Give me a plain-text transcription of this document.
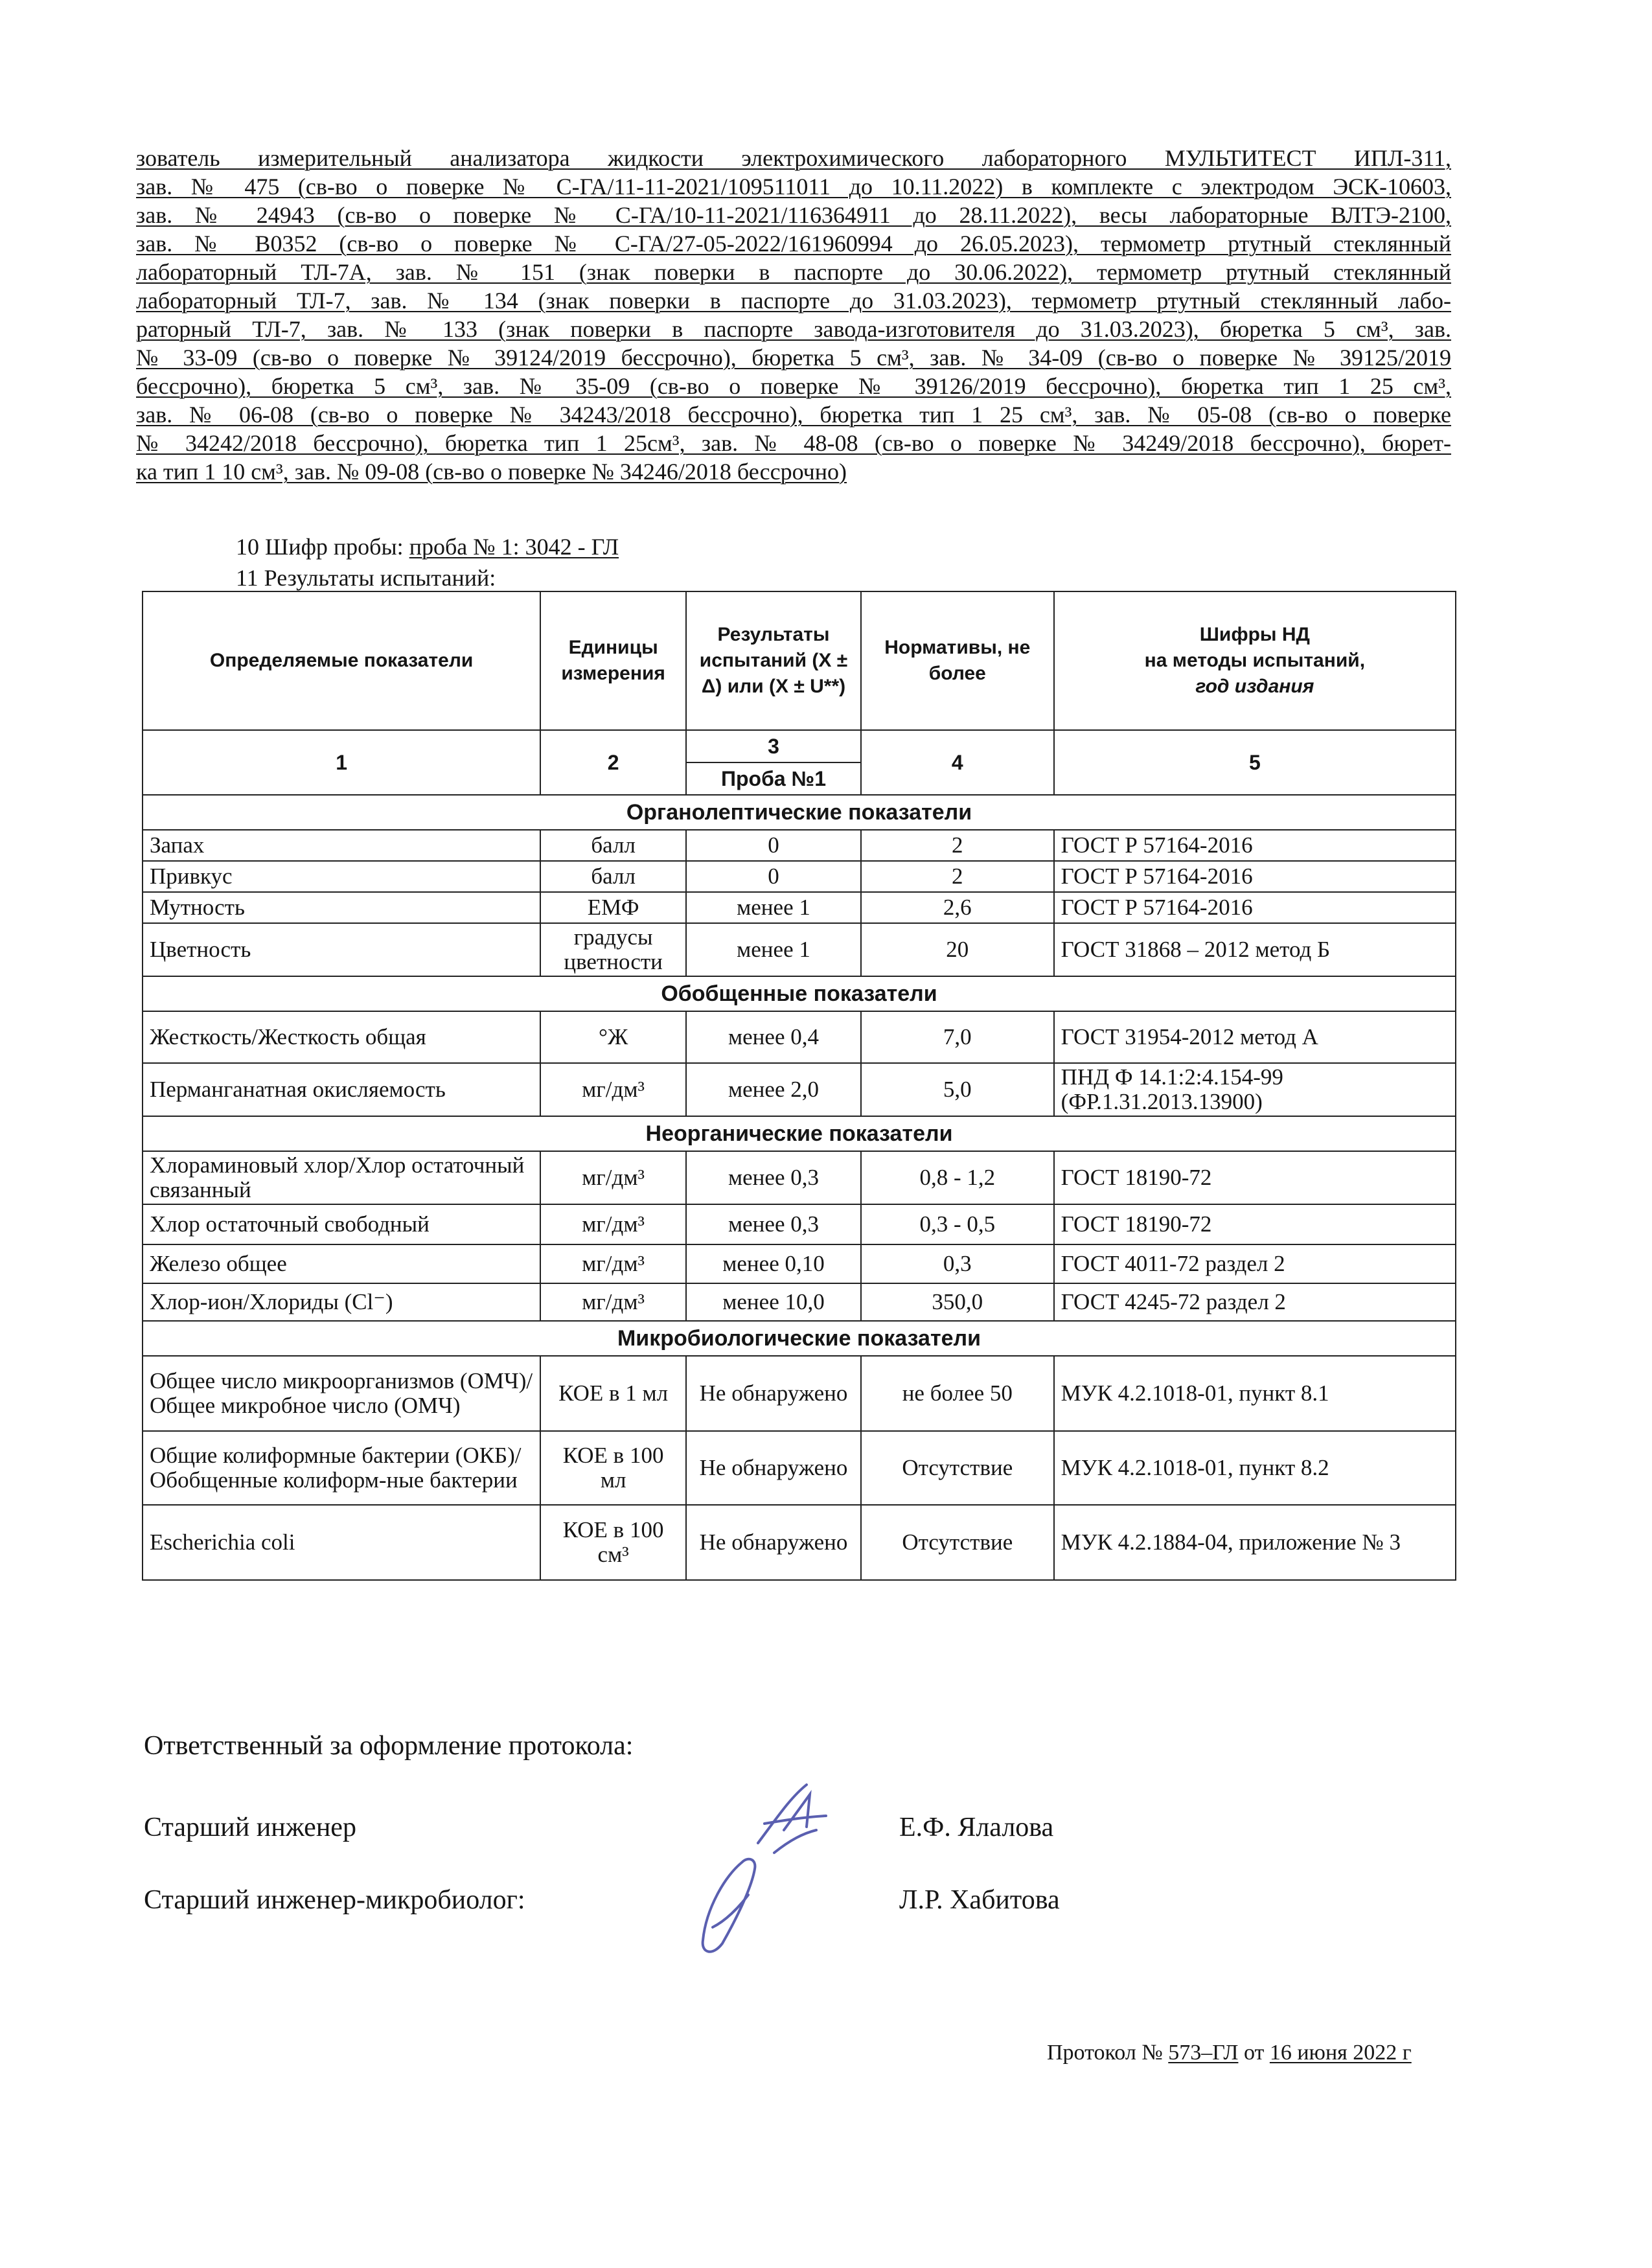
зователь измерительный анализатора жидкости электрохимического лабораторного МУЛЬТИТЕСТ ИПЛ-311,
зав. № 475 (св-во о поверке № С-ГА/11-11-2021/109511011 до 10.11.2022) в комплекте с электродом ЭСК-10603,
зав. № 24943 (св-во о поверке № С-ГА/10-11-2021/116364911 до 28.11.2022), весы лабораторные ВЛТЭ-2100,
зав. № В0352 (св-во о поверке № С-ГА/27-05-2022/161960994 до 26.05.2023), термометр ртутный стеклянный
лабораторный ТЛ-7А, зав. № 151 (знак поверки в паспорте до 30.06.2022), термометр ртутный стеклянный
лабораторный ТЛ-7, зав. № 134 (знак поверки в паспорте до 31.03.2023), термометр ртутный стеклянный лабо-
раторный ТЛ-7, зав. № 133 (знак поверки в паспорте завода-изготовителя до 31.03.2023), бюретка 5 см³, зав.
№ 33-09 (св-во о поверке № 39124/2019 бессрочно), бюретка 5 см³, зав. № 34-09 (св-во о поверке № 39125/2019
бессрочно), бюретка 5 см³, зав. № 35-09 (св-во о поверке № 39126/2019 бессрочно), бюретка тип 1 25 см³,
зав. № 06-08 (св-во о поверке № 34243/2018 бессрочно), бюретка тип 1 25 см³, зав. № 05-08 (св-во о поверке
№ 34242/2018 бессрочно), бюретка тип 1 25см³, зав. № 48-08 (св-во о поверке № 34249/2018 бессрочно), бюрет-
ка тип 1 10 см³, зав. № 09-08 (св-во о поверке № 34246/2018 бессрочно)
10 Шифр пробы: проба № 1: 3042 - ГЛ
11 Результаты испытаний:
Определяемые показатели	Единицы измерения	Результаты испытаний (Х ± Δ) или (Х ± U**)	Нормативы, не более	Шифры НД
на методы испытаний,
год издания

1	2	3	4	5
		Проба №1		
Органолептические показатели				
Запах	балл	0	2	ГОСТ Р 57164-2016
Привкус	балл	0	2	ГОСТ Р 57164-2016
Мутность	ЕМФ	менее 1	2,6	ГОСТ Р 57164-2016
Цветность	градусы цветности	менее 1	20	ГОСТ 31868 – 2012 метод Б
Обобщенные показатели				
Жесткость/Жесткость общая	°Ж	менее 0,4	7,0	ГОСТ 31954-2012 метод А
Перманганатная окисляемость	мг/дм³	менее 2,0	5,0	ПНД Ф 14.1:2:4.154-99 (ФР.1.31.2013.13900)
Неорганические показатели				
Хлораминовый хлор/Хлор остаточный связанный	мг/дм³	менее 0,3	0,8 - 1,2	ГОСТ 18190-72
Хлор остаточный свободный	мг/дм³	менее 0,3	0,3 - 0,5	ГОСТ 18190-72
Железо общее	мг/дм³	менее 0,10	0,3	ГОСТ 4011-72 раздел 2
Хлор-ион/Хлориды (Cl⁻)	мг/дм³	менее 10,0	350,0	ГОСТ 4245-72 раздел 2
Микробиологические показатели				
Общее число микроорганизмов (ОМЧ)/Общее микробное число (ОМЧ)	КОЕ в 1 мл	Не обнаружено	не более 50	МУК 4.2.1018-01, пункт 8.1
Общие колиформные бактерии (ОКБ)/Обобщенные колиформ-ные бактерии	КОЕ в 100 мл	Не обнаружено	Отсутствие	МУК 4.2.1018-01, пункт 8.2
Escherichia coli	КОЕ в 100 см³	Не обнаружено	Отсутствие	МУК 4.2.1884-04, приложение № 3
Ответственный за оформление протокола:
Старший инженер	Е.Ф. Ялалова
Старший инженер-микробиолог:	Л.Р. Хабитова
Протокол № 573–ГЛ от 16 июня 2022 г
